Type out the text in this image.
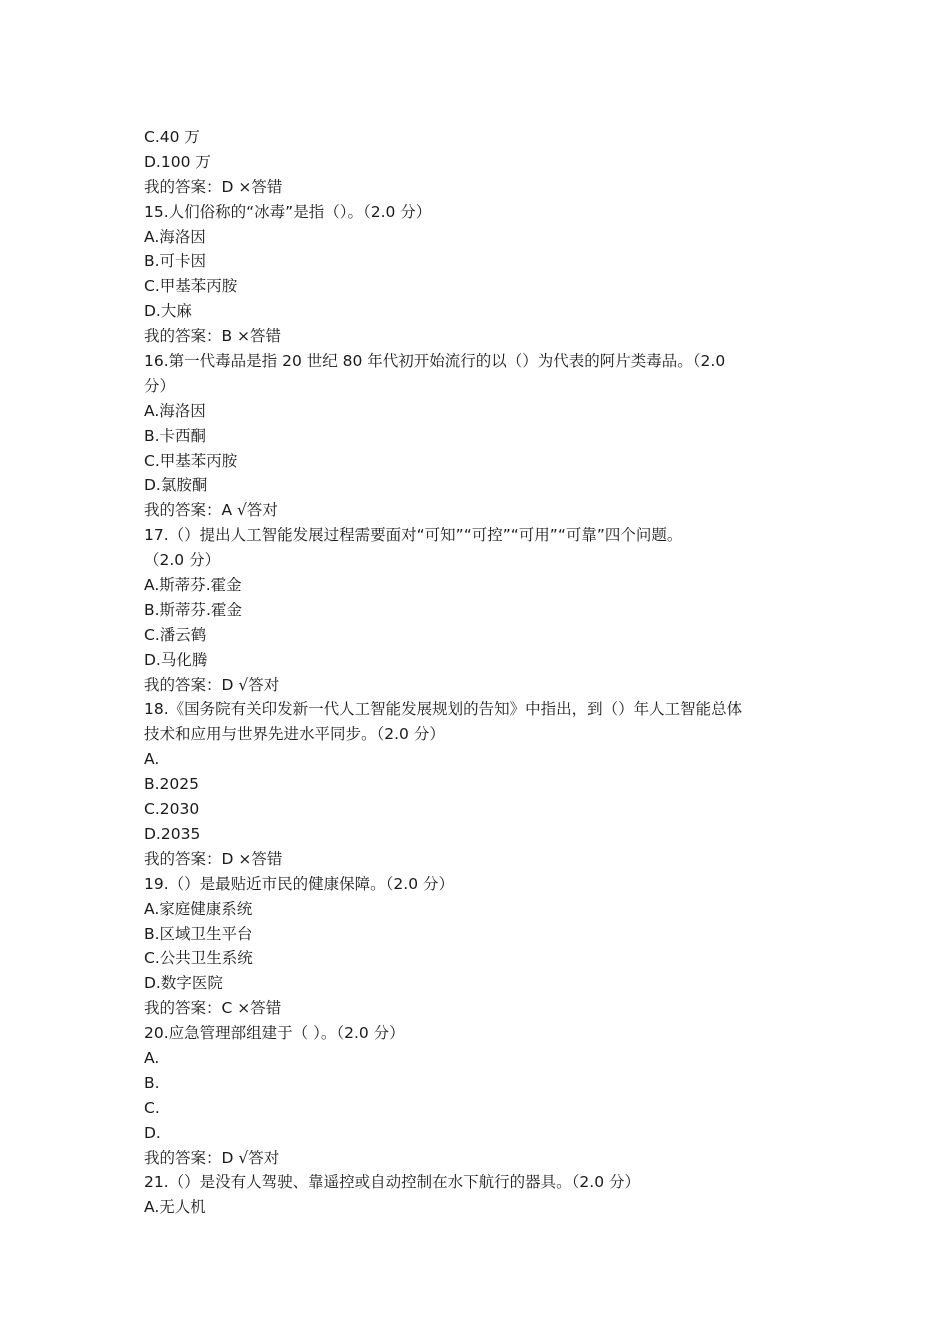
C.40 万
D.100 万
我的答案：D ×答错
15.人们俗称的“冰毒”是指（）。（2.0 分）
A.海洛因
B.可卡因
C.甲基苯丙胺
D.大麻
我的答案：B ×答错
16.第一代毒品是指 20 世纪 80 年代初开始流行的以（）为代表的阿片类毒品。（2.0
分）
A.海洛因
B.卡西酮
C.甲基苯丙胺
D.氯胺酮
我的答案：A √答对
17.（）提出人工智能发展过程需要面对“可知”“可控”“可用”“可靠”四个问题。
（2.0 分）
A.斯蒂芬.霍金
B.斯蒂芬.霍金
C.潘云鹤
D.马化腾
我的答案：D √答对
18.《国务院有关印发新一代人工智能发展规划的告知》中指出，到（）年人工智能总体
技术和应用与世界先进水平同步。（2.0 分）
A.
B.2025
C.2030
D.2035
我的答案：D ×答错
19.（）是最贴近市民的健康保障。（2.0 分）
A.家庭健康系统
B.区域卫生平台
C.公共卫生系统
D.数字医院
我的答案：C ×答错
20.应急管理部组建于（ ）。（2.0 分）
A.
B.
C.
D.
我的答案：D √答对
21.（）是没有人驾驶、靠遥控或自动控制在水下航行的器具。（2.0 分）
A.无人机
